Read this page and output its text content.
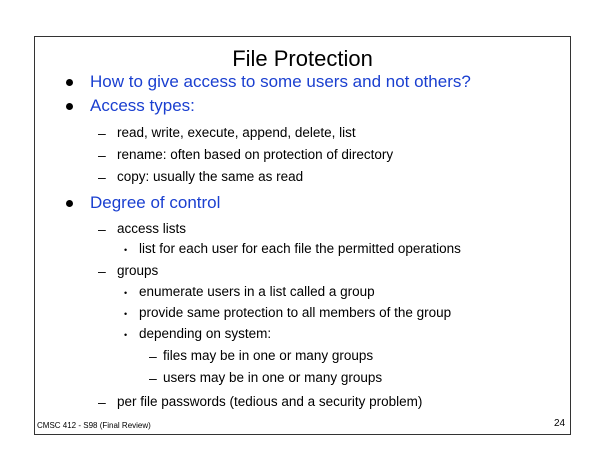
File Protection
How to give access to some users and not others?
Access types:
– read, write, execute, append, delete, list
– rename: often based on protection of directory
– copy: usually the same as read
Degree of control
– access lists
• list for each user for each file the permitted operations
– groups
• enumerate users in a list called a group
• provide same protection to all members of the group
• depending on system:
– files may be in one or many groups
– users may be in one or many groups
– per file passwords (tedious and a security problem)
CMSC 412 - S98 (Final Review)	24
